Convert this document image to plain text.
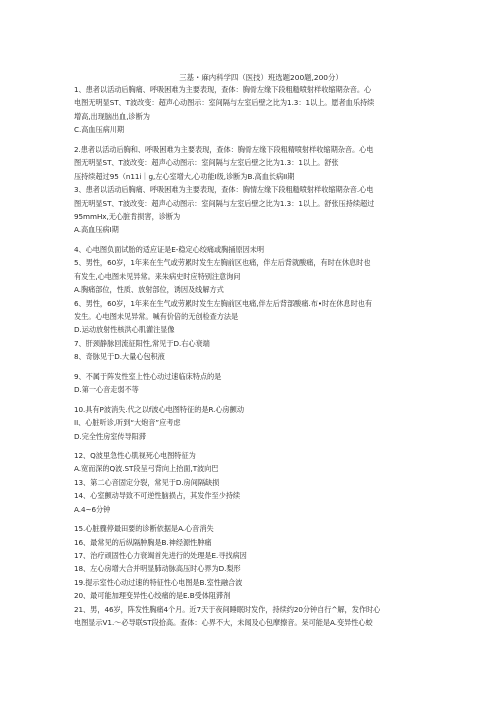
三基・麻内科学四（医技）班选题200题,200分）
1、患者以活动后胸痛、呼吸困难为主要表现，查体：胸骨左缘下段粗糙喷射样收缩期杂音。心
电图无明显ST、T波改变：超声心动图示：室间隔与左室后壁之比为1.3：1以上。愿者血乐持续
增高,出现脑出血,诊断为
C.高血压病川期
2.患者以活动后胸和、呼吸困难为主要表现，查体：胸骨左缘下段粗精喷射样收缩期杂音。心电
图无明显ST、T波改变：超声心动图示：室间隔与左室后壁之比为1.3：1以上。舒张
压持续超过95（n11i｜g,左心室增大,心功能I级,诊断为B.高血长病II期
3、患者以活动后胸痛、呼吸困难为主要表现，查体：胸情左缘下段粗糙喷射样收缩期杂音.心电
图无明显ST、T波改变：超声心动图示：室间隔与左室后壁之比为1.3：1以上。舒张压持续超过
95mmHx,无心脏肯损害，诊断为
A.高血压病I期
4、心电图负面试胎的适应证是E-稳定心绞痛或胸捅原因未明
5、男性，60岁，1年来在生气或劳累时发生左胸前区也痛，伴左后背就酸痛，有时在休息时也
有发生,心电图未见异常。来朱病史时应特别注意询问
A.胸痛部位，性质、放射部位，诱因及线解方式
6、男性，60岁，1年来在生气或劳累时发生左胸前区电痛,伴左后背部酸痛.布•时在休息时也有
发生。心电图未见异常。喊有价倍的无创检查方法是
D.运动放射性核洪心肌灌注显像
7、肝颈静脉回流征阳性,常见于D.右心衰端
8、奇脉见于D.大量心包积液
9、不属于阵发性室上性心动过速临床特点的是
D.第一心音走弱不等
10.具有P波消失.代之以f波心电图特征的是R.心房颤动
II、心脏听诊,听到“大炮音”应考虑
D.完全性房室传导阳滞
12、Q波里急性心肌视死心电图特征为
A.宽而深的Q波.ST段呈弓背向上抬面,T波向巴
13、第二心音固定分裂，常见于D.房间隔缺损
14、心室颤动导致不可逆性脑损占，其发作至少持续
A.4~6分钟
15.心脏骤停最田要的诊断依据是A.心音消失
16、最常见的后纵隔肿胸是B.神经源性肿痛
17、治疗顽固性心力衰竭首先进行的处理是E.寻找病因
18、左心房增大合并明显肺动脉高压时心界为D.梨形
19.提示室性心动过速的特征性心电图是B.室性融合波
20、最可能加理变异性心绞痛的是E.B受体阻滞剂
21、男，46岁，阵发性胸痛4个月。近7天于夜间睡眠时发作，持续约20分钟自行^解，发作时心
电图显示V1.〜必导联ST段拾高。查体：心界不大，未闻及心包摩擦音。呆可能是A.变异性心蛟
